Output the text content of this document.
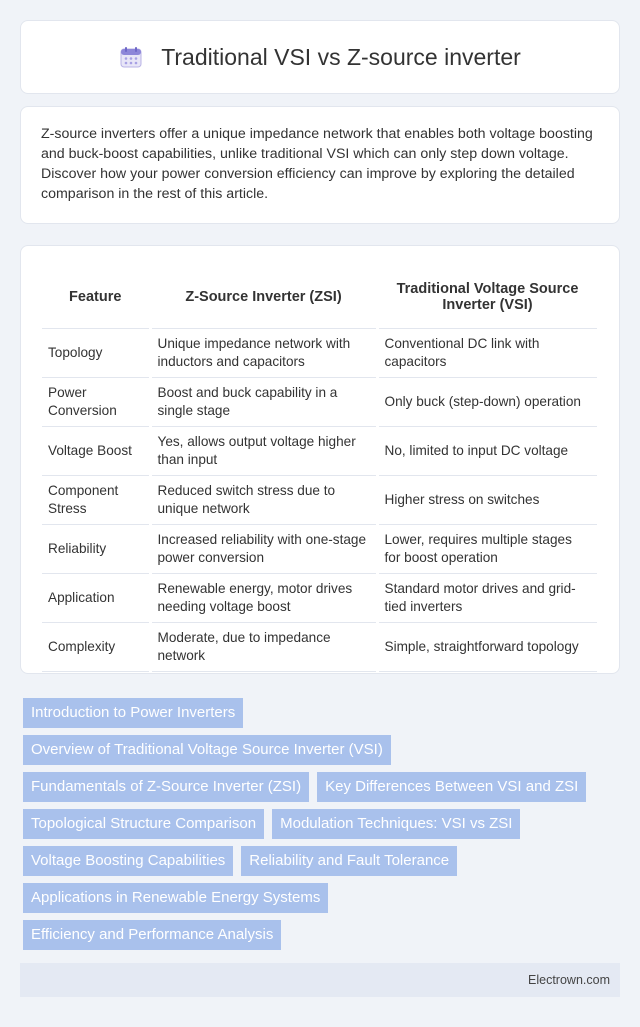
Traditional VSI vs Z-source inverter

Z-source inverters offer a unique impedance network that enables both voltage boosting and buck-boost capabilities, unlike traditional VSI which can only step down voltage. Discover how your power conversion efficiency can improve by exploring the detailed comparison in the rest of this article.

Feature	Z-Source Inverter (ZSI)	Traditional Voltage Source Inverter (VSI)
Topology	Unique impedance network with inductors and capacitors	Conventional DC link with capacitors
Power Conversion	Boost and buck capability in a single stage	Only buck (step-down) operation
Voltage Boost	Yes, allows output voltage higher than input	No, limited to input DC voltage
Component Stress	Reduced switch stress due to unique network	Higher stress on switches
Reliability	Increased reliability with one-stage power conversion	Lower, requires multiple stages for boost operation
Application	Renewable energy, motor drives needing voltage boost	Standard motor drives and grid-tied inverters
Complexity	Moderate, due to impedance network	Simple, straightforward topology
Introduction to Power Inverters
Overview of Traditional Voltage Source Inverter (VSI)
Fundamentals of Z-Source Inverter (ZSI)	Key Differences Between VSI and ZSI
Topological Structure Comparison	Modulation Techniques: VSI vs ZSI
Voltage Boosting Capabilities	Reliability and Fault Tolerance
Applications in Renewable Energy Systems
Efficiency and Performance Analysis
Electrown.com
